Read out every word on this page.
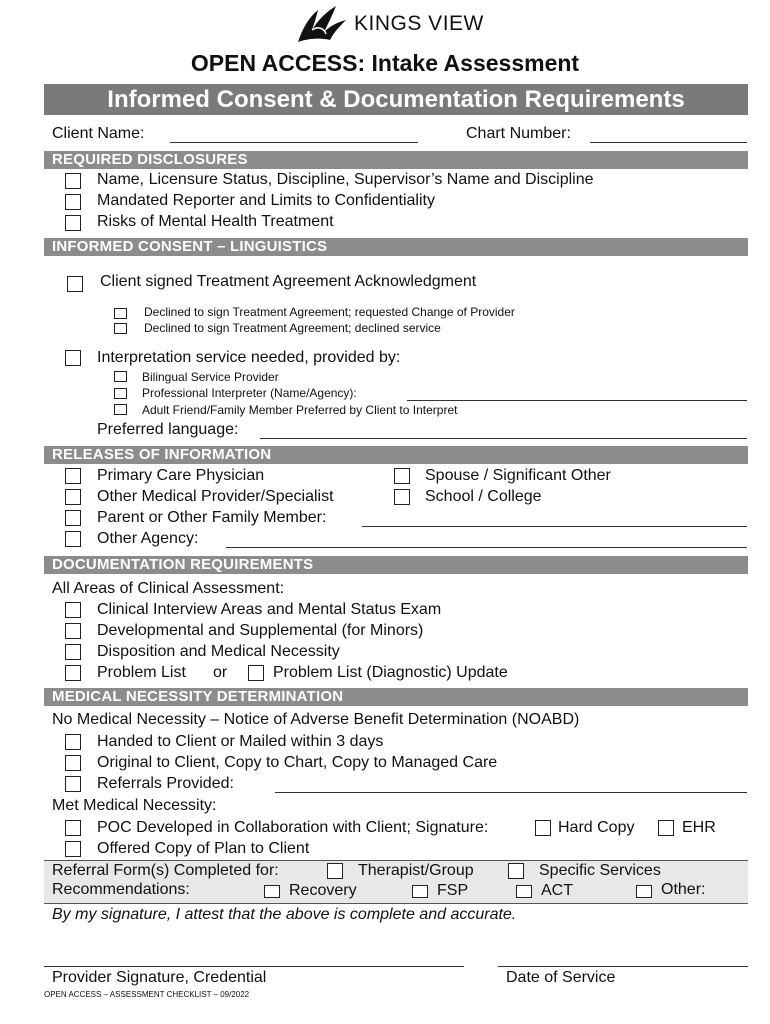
KINGS VIEW
OPEN ACCESS: Intake Assessment
Informed Consent & Documentation Requirements
Client Name:	Chart Number:
REQUIRED DISCLOSURES
Name, Licensure Status, Discipline, Supervisor’s Name and Discipline
Mandated Reporter and Limits to Confidentiality
Risks of Mental Health Treatment
INFORMED CONSENT – LINGUISTICS
Client signed Treatment Agreement Acknowledgment
Declined to sign Treatment Agreement; requested Change of Provider
Declined to sign Treatment Agreement; declined service
Interpretation service needed, provided by:
Bilingual Service Provider
Professional Interpreter (Name/Agency):
Adult Friend/Family Member Preferred by Client to Interpret
Preferred language:
RELEASES OF INFORMATION
Primary Care Physician	Spouse / Significant Other
Other Medical Provider/Specialist	School / College
Parent or Other Family Member:
Other Agency:
DOCUMENTATION REQUIREMENTS
All Areas of Clinical Assessment:
Clinical Interview Areas and Mental Status Exam
Developmental and Supplemental (for Minors)
Disposition and Medical Necessity
Problem List or	Problem List (Diagnostic) Update
MEDICAL NECESSITY DETERMINATION
No Medical Necessity – Notice of Adverse Benefit Determination (NOABD)
Handed to Client or Mailed within 3 days
Original to Client, Copy to Chart, Copy to Managed Care
Referrals Provided:
Met Medical Necessity:
POC Developed in Collaboration with Client; Signature:	Hard Copy	EHR
Offered Copy of Plan to Client
Referral Form(s) Completed for:	Therapist/Group	Specific Services
Recommendations:	Recovery	FSP	ACT	Other:
By my signature, I attest that the above is complete and accurate.
Provider Signature, Credential	Date of Service
OPEN ACCESS – ASSESSMENT CHECKLIST – 09/2022
